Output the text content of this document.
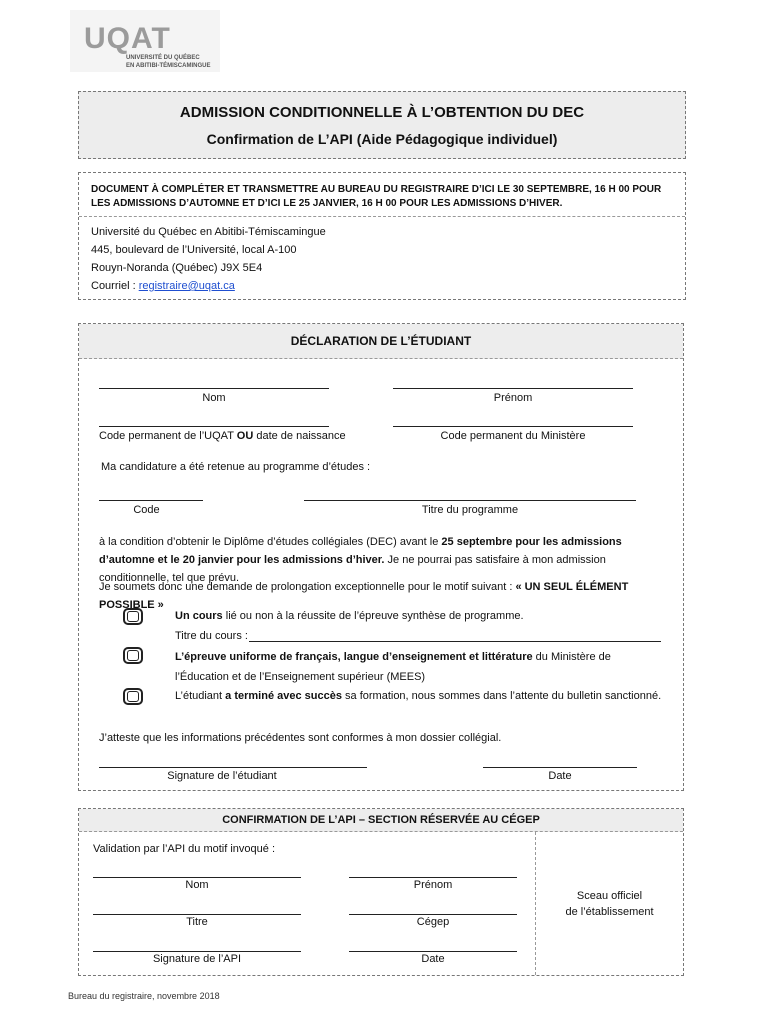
UQAT
UNIVERSITÉ DU QUÉBEC
EN ABITIBI-TÉMISCAMINGUE
ADMISSION CONDITIONNELLE À L’OBTENTION DU DEC
Confirmation de L’API (Aide Pédagogique individuel)
DOCUMENT À COMPLÉTER ET TRANSMETTRE AU BUREAU DU REGISTRAIRE D’ICI LE 30 SEPTEMBRE, 16 H 00 POUR LES ADMISSIONS D’AUTOMNE ET D’ICI LE 25 JANVIER, 16 H 00 POUR LES ADMISSIONS D’HIVER.
Université du Québec en Abitibi-Témiscamingue
445, boulevard de l’Université, local A-100
Rouyn-Noranda (Québec) J9X 5E4
Courriel : registraire@uqat.ca
DÉCLARATION DE L’ÉTUDIANT
Nom	Prénom
Code permanent de l’UQAT OU date de naissance	Code permanent du Ministère
Ma candidature a été retenue au programme d’études :
Code	Titre du programme
à la condition d’obtenir le Diplôme d’études collégiales (DEC) avant le 25 septembre pour les admissions d’automne et le 20 janvier pour les admissions d’hiver. Je ne pourrai pas satisfaire à mon admission conditionnelle, tel que prévu.
Je soumets donc une demande de prolongation exceptionnelle pour le motif suivant : « UN SEUL ÉLÉMENT POSSIBLE »
Un cours lié ou non à la réussite de l’épreuve synthèse de programme.
Titre du cours :
L’épreuve uniforme de français, langue d’enseignement et littérature du Ministère de l’Éducation et de l’Enseignement supérieur (MEES)
L’étudiant a terminé avec succès sa formation, nous sommes dans l’attente du bulletin sanctionné.
J’atteste que les informations précédentes sont conformes à mon dossier collégial.
Signature de l’étudiant	Date
CONFIRMATION DE L’API – SECTION RÉSERVÉE AU CÉGEP
Validation par l’API du motif invoqué :
Nom	Prénom
Titre	Cégep
Signature de l’API	Date
Sceau officiel
de l’établissement
Bureau du registraire, novembre 2018
